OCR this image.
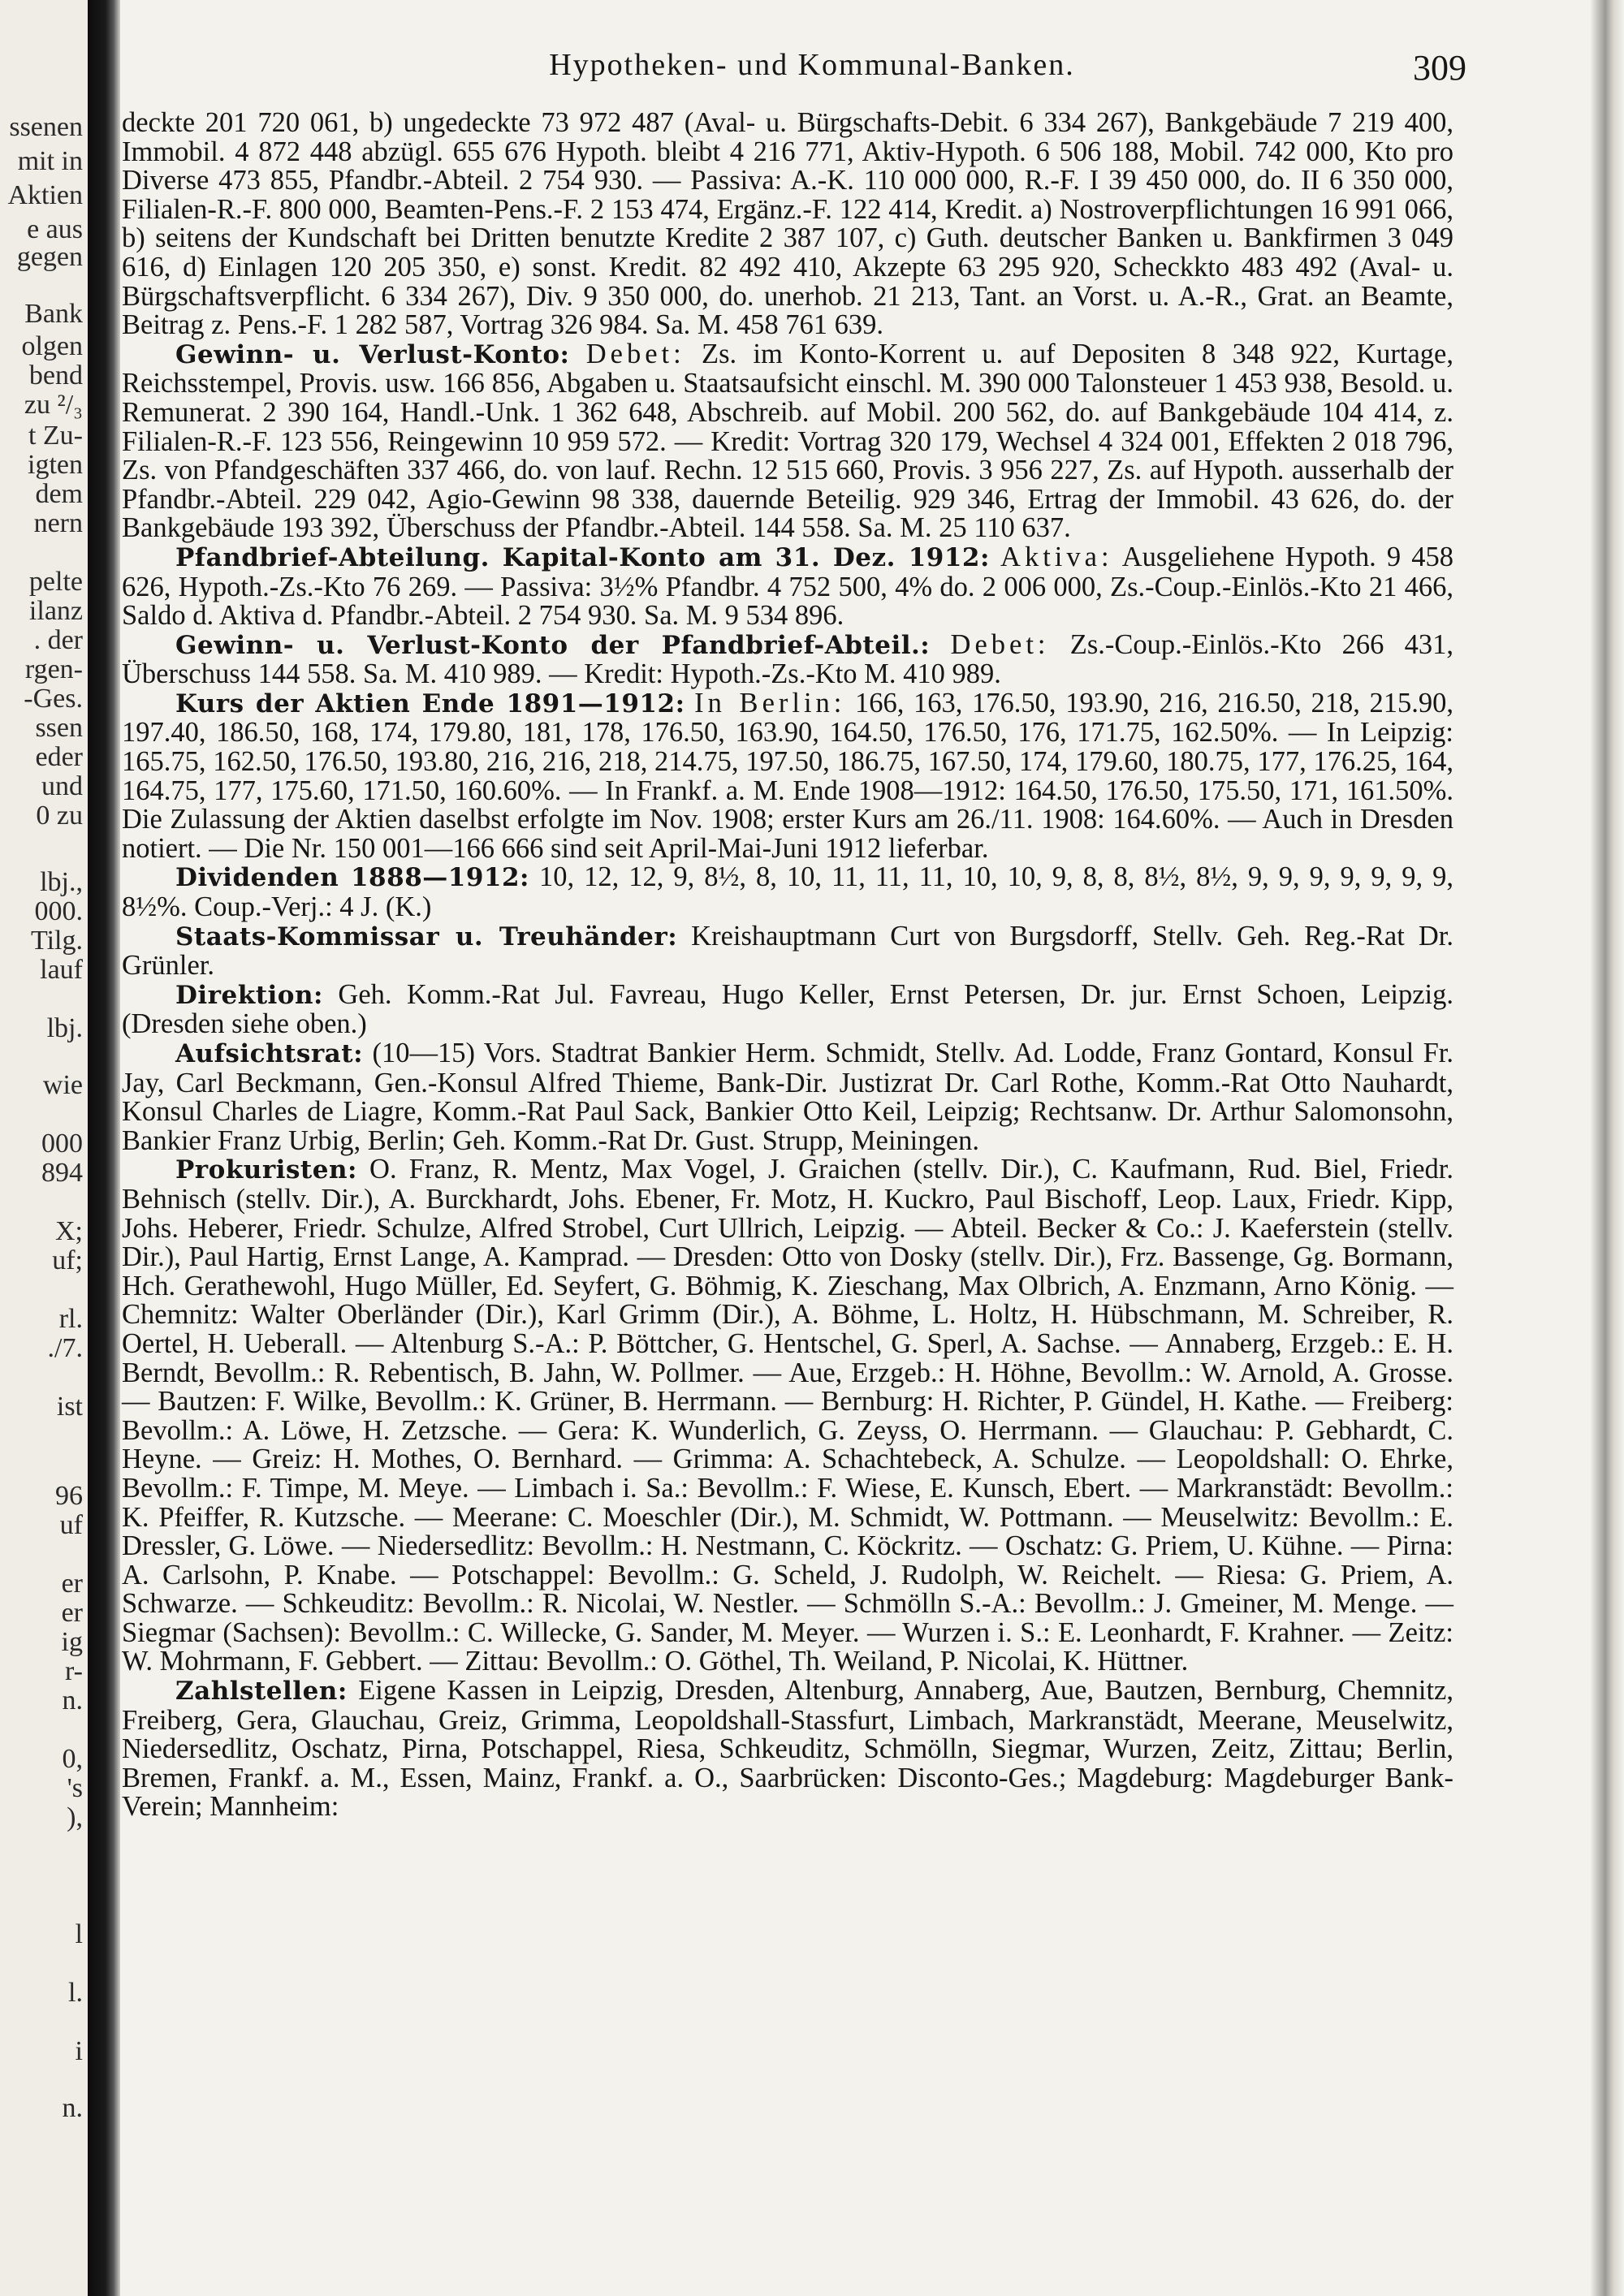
ssenen
mit in
Aktien
e aus
gegen
Bank
olgen
bend
zu ²/₃
t Zu-
igten
dem
nern
pelte
ilanz
. der
rgen-
-Ges.
ssen
eder
und
0 zu
lbj.,
000.
Tilg.
lauf
lbj.
wie
000
894
X;
uf;
rl.
./7.
ist
96
uf
er
er
ig
r-
n.
0,
's
),
l
l.
i
n.
Hypotheken- und Kommunal-Banken.	309

deckte 201 720 061, b) ungedeckte 73 972 487 (Aval- u. Bürgschafts-Debit. 6 334 267), Bankgebäude 7 219 400, Immobil. 4 872 448 abzügl. 655 676 Hypoth. bleibt 4 216 771, Aktiv-Hypoth. 6 506 188, Mobil. 742 000, Kto pro Diverse 473 855, Pfandbr.-Abteil. 2 754 930. — Passiva: A.-K. 110 000 000, R.-F. I 39 450 000, do. II 6 350 000, Filialen-R.-F. 800 000, Beamten-Pens.-F. 2 153 474, Ergänz.-F. 122 414, Kredit. a) Nostroverpflichtungen 16 991 066, b) seitens der Kundschaft bei Dritten benutzte Kredite 2 387 107, c) Guth. deutscher Banken u. Bankfirmen 3 049 616, d) Einlagen 120 205 350, e) sonst. Kredit. 82 492 410, Akzepte 63 295 920, Scheckkto 483 492 (Aval- u. Bürgschaftsverpflicht. 6 334 267), Div. 9 350 000, do. unerhob. 21 213, Tant. an Vorst. u. A.-R., Grat. an Beamte, Beitrag z. Pens.-F. 1 282 587, Vortrag 326 984. Sa. M. 458 761 639.

Gewinn- u. Verlust-Konto: Debet: Zs. im Konto-Korrent u. auf Depositen 8 348 922, Kurtage, Reichsstempel, Provis. usw. 166 856, Abgaben u. Staatsaufsicht einschl. M. 390 000 Talonsteuer 1 453 938, Besold. u. Remunerat. 2 390 164, Handl.-Unk. 1 362 648, Abschreib. auf Mobil. 200 562, do. auf Bankgebäude 104 414, z. Filialen-R.-F. 123 556, Reingewinn 10 959 572. — Kredit: Vortrag 320 179, Wechsel 4 324 001, Effekten 2 018 796, Zs. von Pfandgeschäften 337 466, do. von lauf. Rechn. 12 515 660, Provis. 3 956 227, Zs. auf Hypoth. ausserhalb der Pfandbr.-Abteil. 229 042, Agio-Gewinn 98 338, dauernde Beteilig. 929 346, Ertrag der Immobil. 43 626, do. der Bankgebäude 193 392, Überschuss der Pfandbr.-Abteil. 144 558. Sa. M. 25 110 637.

Pfandbrief-Abteilung. Kapital-Konto am 31. Dez. 1912: Aktiva: Ausgeliehene Hypoth. 9 458 626, Hypoth.-Zs.-Kto 76 269. — Passiva: 3½% Pfandbr. 4 752 500, 4% do. 2 006 000, Zs.-Coup.-Einlös.-Kto 21 466, Saldo d. Aktiva d. Pfandbr.-Abteil. 2 754 930. Sa. M. 9 534 896.

Gewinn- u. Verlust-Konto der Pfandbrief-Abteil.: Debet: Zs.-Coup.-Einlös.-Kto 266 431, Überschuss 144 558. Sa. M. 410 989. — Kredit: Hypoth.-Zs.-Kto M. 410 989.

Kurs der Aktien Ende 1891—1912: In Berlin: 166, 163, 176.50, 193.90, 216, 216.50, 218, 215.90, 197.40, 186.50, 168, 174, 179.80, 181, 178, 176.50, 163.90, 164.50, 176.50, 176, 171.75, 162.50%. — In Leipzig: 165.75, 162.50, 176.50, 193.80, 216, 216, 218, 214.75, 197.50, 186.75, 167.50, 174, 179.60, 180.75, 177, 176.25, 164, 164.75, 177, 175.60, 171.50, 160.60%. — In Frankf. a. M. Ende 1908—1912: 164.50, 176.50, 175.50, 171, 161.50%. Die Zulassung der Aktien daselbst erfolgte im Nov. 1908; erster Kurs am 26./11. 1908: 164.60%. — Auch in Dresden notiert. — Die Nr. 150 001—166 666 sind seit April-Mai-Juni 1912 lieferbar.

Dividenden 1888—1912: 10, 12, 12, 9, 8½, 8, 10, 11, 11, 11, 10, 10, 9, 8, 8, 8½, 8½, 9, 9, 9, 9, 9, 9, 9, 8½%. Coup.-Verj.: 4 J. (K.)

Staats-Kommissar u. Treuhänder: Kreishauptmann Curt von Burgsdorff, Stellv. Geh. Reg.-Rat Dr. Grünler.

Direktion: Geh. Komm.-Rat Jul. Favreau, Hugo Keller, Ernst Petersen, Dr. jur. Ernst Schoen, Leipzig. (Dresden siehe oben.)

Aufsichtsrat: (10—15) Vors. Stadtrat Bankier Herm. Schmidt, Stellv. Ad. Lodde, Franz Gontard, Konsul Fr. Jay, Carl Beckmann, Gen.-Konsul Alfred Thieme, Bank-Dir. Justizrat Dr. Carl Rothe, Komm.-Rat Otto Nauhardt, Konsul Charles de Liagre, Komm.-Rat Paul Sack, Bankier Otto Keil, Leipzig; Rechtsanw. Dr. Arthur Salomonsohn, Bankier Franz Urbig, Berlin; Geh. Komm.-Rat Dr. Gust. Strupp, Meiningen.

Prokuristen: O. Franz, R. Mentz, Max Vogel, J. Graichen (stellv. Dir.), C. Kaufmann, Rud. Biel, Friedr. Behnisch (stellv. Dir.), A. Burckhardt, Johs. Ebener, Fr. Motz, H. Kuckro, Paul Bischoff, Leop. Laux, Friedr. Kipp, Johs. Heberer, Friedr. Schulze, Alfred Strobel, Curt Ullrich, Leipzig. — Abteil. Becker & Co.: J. Kaeferstein (stellv. Dir.), Paul Hartig, Ernst Lange, A. Kamprad. — Dresden: Otto von Dosky (stellv. Dir.), Frz. Bassenge, Gg. Bormann, Hch. Gerathewohl, Hugo Müller, Ed. Seyfert, G. Böhmig, K. Zieschang, Max Olbrich, A. Enzmann, Arno König. — Chemnitz: Walter Oberländer (Dir.), Karl Grimm (Dir.), A. Böhme, L. Holtz, H. Hübschmann, M. Schreiber, R. Oertel, H. Ueberall. — Altenburg S.-A.: P. Böttcher, G. Hentschel, G. Sperl, A. Sachse. — Annaberg, Erzgeb.: E. H. Berndt, Bevollm.: R. Rebentisch, B. Jahn, W. Pollmer. — Aue, Erzgeb.: H. Höhne, Bevollm.: W. Arnold, A. Grosse. — Bautzen: F. Wilke, Bevollm.: K. Grüner, B. Herrmann. — Bernburg: H. Richter, P. Gündel, H. Kathe. — Freiberg: Bevollm.: A. Löwe, H. Zetzsche. — Gera: K. Wunderlich, G. Zeyss, O. Herrmann. — Glauchau: P. Gebhardt, C. Heyne. — Greiz: H. Mothes, O. Bernhard. — Grimma: A. Schachtebeck, A. Schulze. — Leopoldshall: O. Ehrke, Bevollm.: F. Timpe, M. Meye. — Limbach i. Sa.: Bevollm.: F. Wiese, E. Kunsch, Ebert. — Markranstädt: Bevollm.: K. Pfeiffer, R. Kutzsche. — Meerane: C. Moeschler (Dir.), M. Schmidt, W. Pottmann. — Meuselwitz: Bevollm.: E. Dressler, G. Löwe. — Niedersedlitz: Bevollm.: H. Nestmann, C. Köckritz. — Oschatz: G. Priem, U. Kühne. — Pirna: A. Carlsohn, P. Knabe. — Potschappel: Bevollm.: G. Scheld, J. Rudolph, W. Reichelt. — Riesa: G. Priem, A. Schwarze. — Schkeuditz: Bevollm.: R. Nicolai, W. Nestler. — Schmölln S.-A.: Bevollm.: J. Gmeiner, M. Menge. — Siegmar (Sachsen): Bevollm.: C. Willecke, G. Sander, M. Meyer. — Wurzen i. S.: E. Leonhardt, F. Krahner. — Zeitz: W. Mohrmann, F. Gebbert. — Zittau: Bevollm.: O. Göthel, Th. Weiland, P. Nicolai, K. Hüttner.

Zahlstellen: Eigene Kassen in Leipzig, Dresden, Altenburg, Annaberg, Aue, Bautzen, Bernburg, Chemnitz, Freiberg, Gera, Glauchau, Greiz, Grimma, Leopoldshall-Stassfurt, Limbach, Markranstädt, Meerane, Meuselwitz, Niedersedlitz, Oschatz, Pirna, Potschappel, Riesa, Schkeuditz, Schmölln, Siegmar, Wurzen, Zeitz, Zittau; Berlin, Bremen, Frankf. a. M., Essen, Mainz, Frankf. a. O., Saarbrücken: Disconto-Ges.; Magdeburg: Magdeburger Bank-Verein; Mannheim:
